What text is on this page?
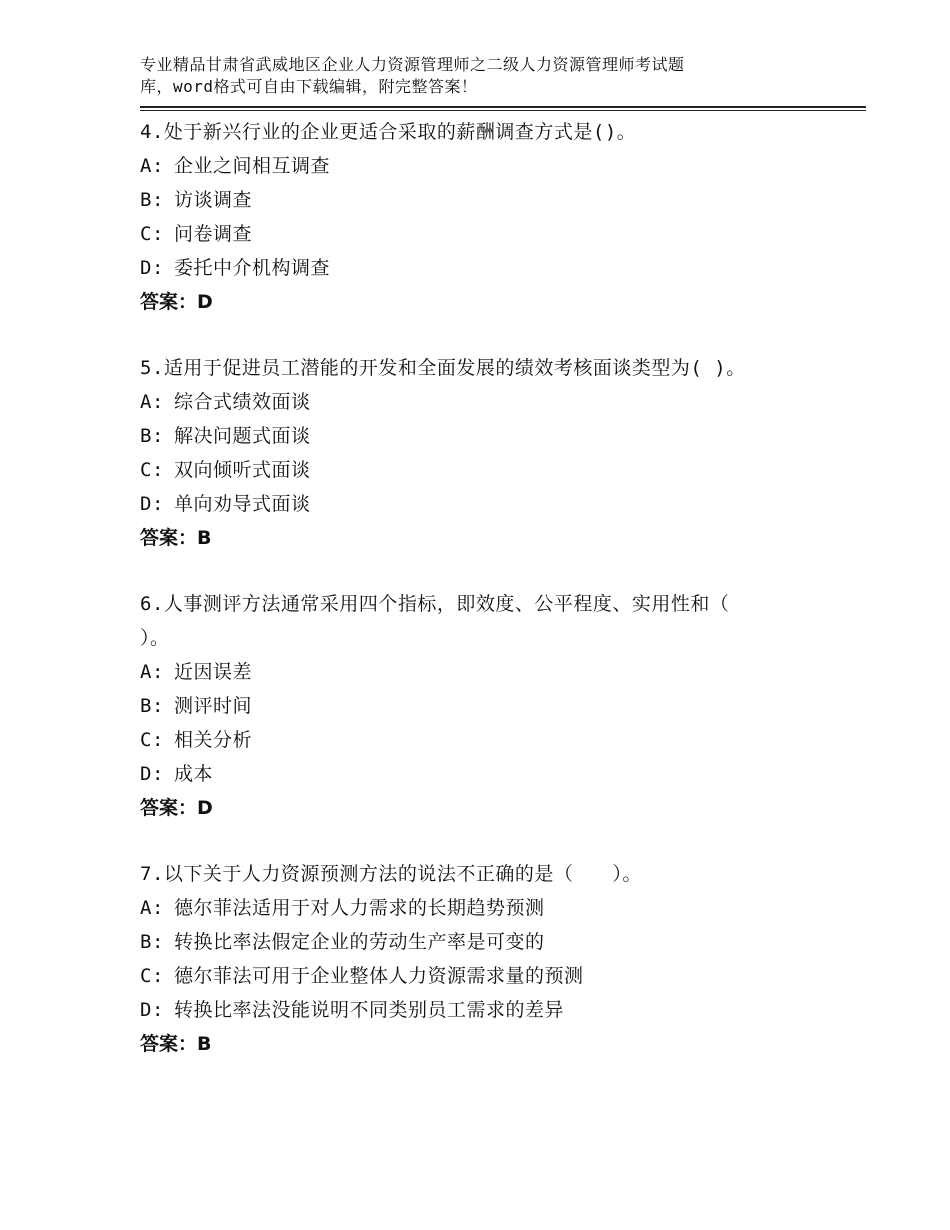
专业精品甘肃省武威地区企业人力资源管理师之二级人力资源管理师考试题
库，word格式可自由下载编辑，附完整答案！
4.处于新兴行业的企业更适合采取的薪酬调查方式是()。
A: 企业之间相互调查
B: 访谈调查
C: 问卷调查
D: 委托中介机构调查
答案：D
5.适用于促进员工潜能的开发和全面发展的绩效考核面谈类型为( )。
A: 综合式绩效面谈
B: 解决问题式面谈
C: 双向倾听式面谈
D: 单向劝导式面谈
答案：B
6.人事测评方法通常采用四个指标，即效度、公平程度、实用性和（
）。
A: 近因误差
B: 测评时间
C: 相关分析
D: 成本
答案：D
7.以下关于人力资源预测方法的说法不正确的是（　　）。
A: 德尔菲法适用于对人力需求的长期趋势预测
B: 转换比率法假定企业的劳动生产率是可变的
C: 德尔菲法可用于企业整体人力资源需求量的预测
D: 转换比率法没能说明不同类别员工需求的差异
答案：B
